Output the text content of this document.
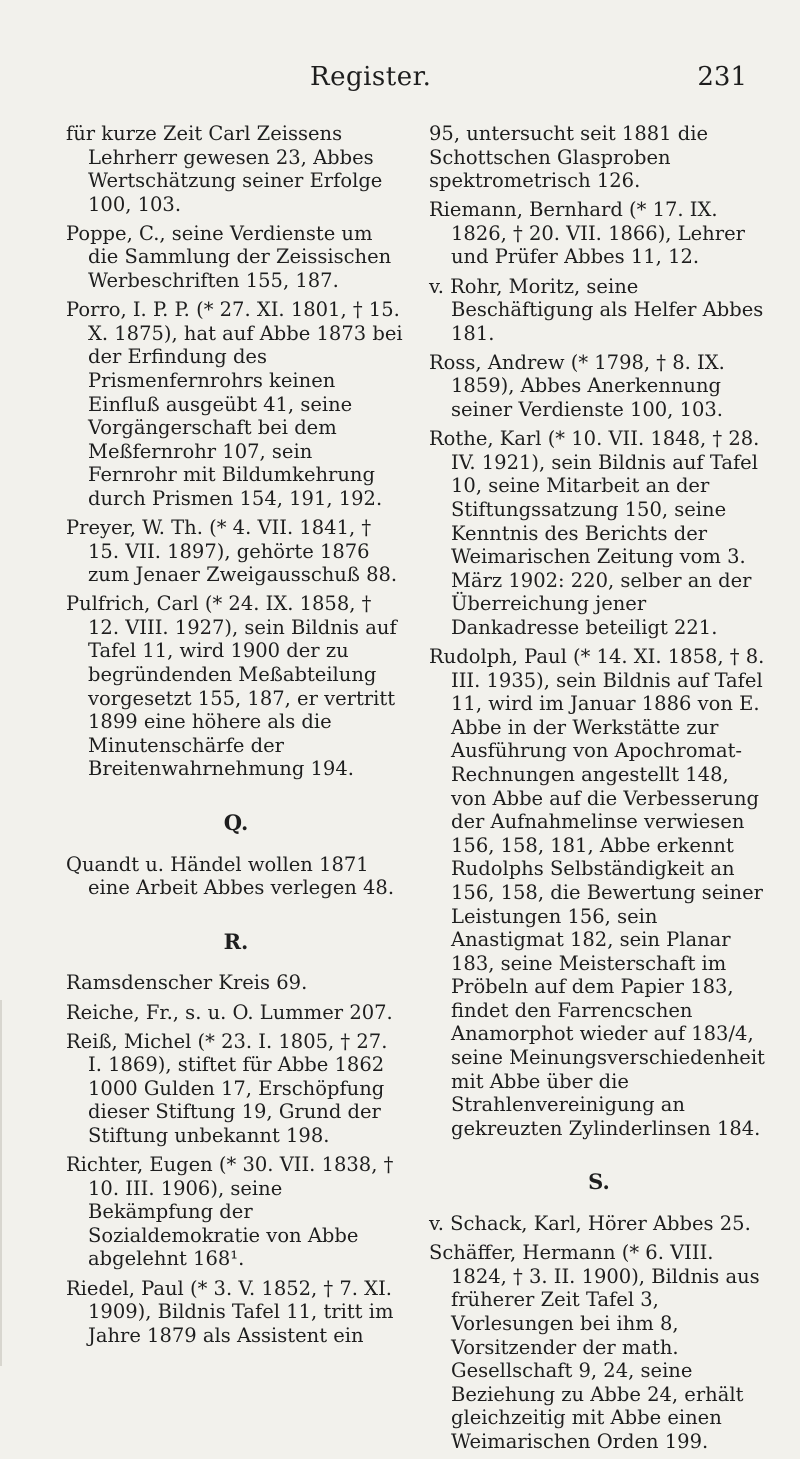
Register.	231

für kurze Zeit Carl Zeissens Lehrherr gewesen 23, Abbes Wertschätzung seiner Erfolge 100, 103.

Poppe, C., seine Verdienste um die Sammlung der Zeissischen Werbeschriften 155, 187.

Porro, I. P. P. (* 27. XI. 1801, † 15. X. 1875), hat auf Abbe 1873 bei der Erfindung des Prismenfernrohrs keinen Einfluß ausgeübt 41, seine Vorgängerschaft bei dem Meßfernrohr 107, sein Fernrohr mit Bildumkehrung durch Prismen 154, 191, 192.

Preyer, W. Th. (* 4. VII. 1841, † 15. VII. 1897), gehörte 1876 zum Jenaer Zweigausschuß 88.

Pulfrich, Carl (* 24. IX. 1858, † 12. VIII. 1927), sein Bildnis auf Tafel 11, wird 1900 der zu begründenden Meßabteilung vorgesetzt 155, 187, er vertritt 1899 eine höhere als die Minutenschärfe der Breitenwahrnehmung 194.

Q.

Quandt u. Händel wollen 1871 eine Arbeit Abbes verlegen 48.

R.

Ramsdenscher Kreis 69.

Reiche, Fr., s. u. O. Lummer 207.

Reiß, Michel (* 23. I. 1805, † 27. I. 1869), stiftet für Abbe 1862 1000 Gulden 17, Erschöpfung dieser Stiftung 19, Grund der Stiftung unbekannt 198.

Richter, Eugen (* 30. VII. 1838, † 10. III. 1906), seine Bekämpfung der Sozialdemokratie von Abbe abgelehnt 168¹.

Riedel, Paul (* 3. V. 1852, † 7. XI. 1909), Bildnis Tafel 11, tritt im Jahre 1879 als Assistent ein

95, untersucht seit 1881 die Schottschen Glasproben spektrometrisch 126.

Riemann, Bernhard (* 17. IX. 1826, † 20. VII. 1866), Lehrer und Prüfer Abbes 11, 12.

v. Rohr, Moritz, seine Beschäftigung als Helfer Abbes 181.

Ross, Andrew (* 1798, † 8. IX. 1859), Abbes Anerkennung seiner Verdienste 100, 103.

Rothe, Karl (* 10. VII. 1848, † 28. IV. 1921), sein Bildnis auf Tafel 10, seine Mitarbeit an der Stiftungssatzung 150, seine Kenntnis des Berichts der Weimarischen Zeitung vom 3. März 1902: 220, selber an der Überreichung jener Dankadresse beteiligt 221.

Rudolph, Paul (* 14. XI. 1858, † 8. III. 1935), sein Bildnis auf Tafel 11, wird im Januar 1886 von E. Abbe in der Werkstätte zur Ausführung von Apochromat-Rechnungen angestellt 148, von Abbe auf die Verbesserung der Aufnahmelinse verwiesen 156, 158, 181, Abbe erkennt Rudolphs Selbständigkeit an 156, 158, die Bewertung seiner Leistungen 156, sein Anastigmat 182, sein Planar 183, seine Meisterschaft im Pröbeln auf dem Papier 183, findet den Farrencschen Anamorphot wieder auf 183/4, seine Meinungsverschiedenheit mit Abbe über die Strahlenvereinigung an gekreuzten Zylinderlinsen 184.

S.

v. Schack, Karl, Hörer Abbes 25.

Schäffer, Hermann (* 6. VIII. 1824, † 3. II. 1900), Bildnis aus früherer Zeit Tafel 3, Vorlesungen bei ihm 8, Vorsitzender der math. Gesellschaft 9, 24, seine Beziehung zu Abbe 24, erhält gleichzeitig mit Abbe einen Weimarischen Orden 199.
